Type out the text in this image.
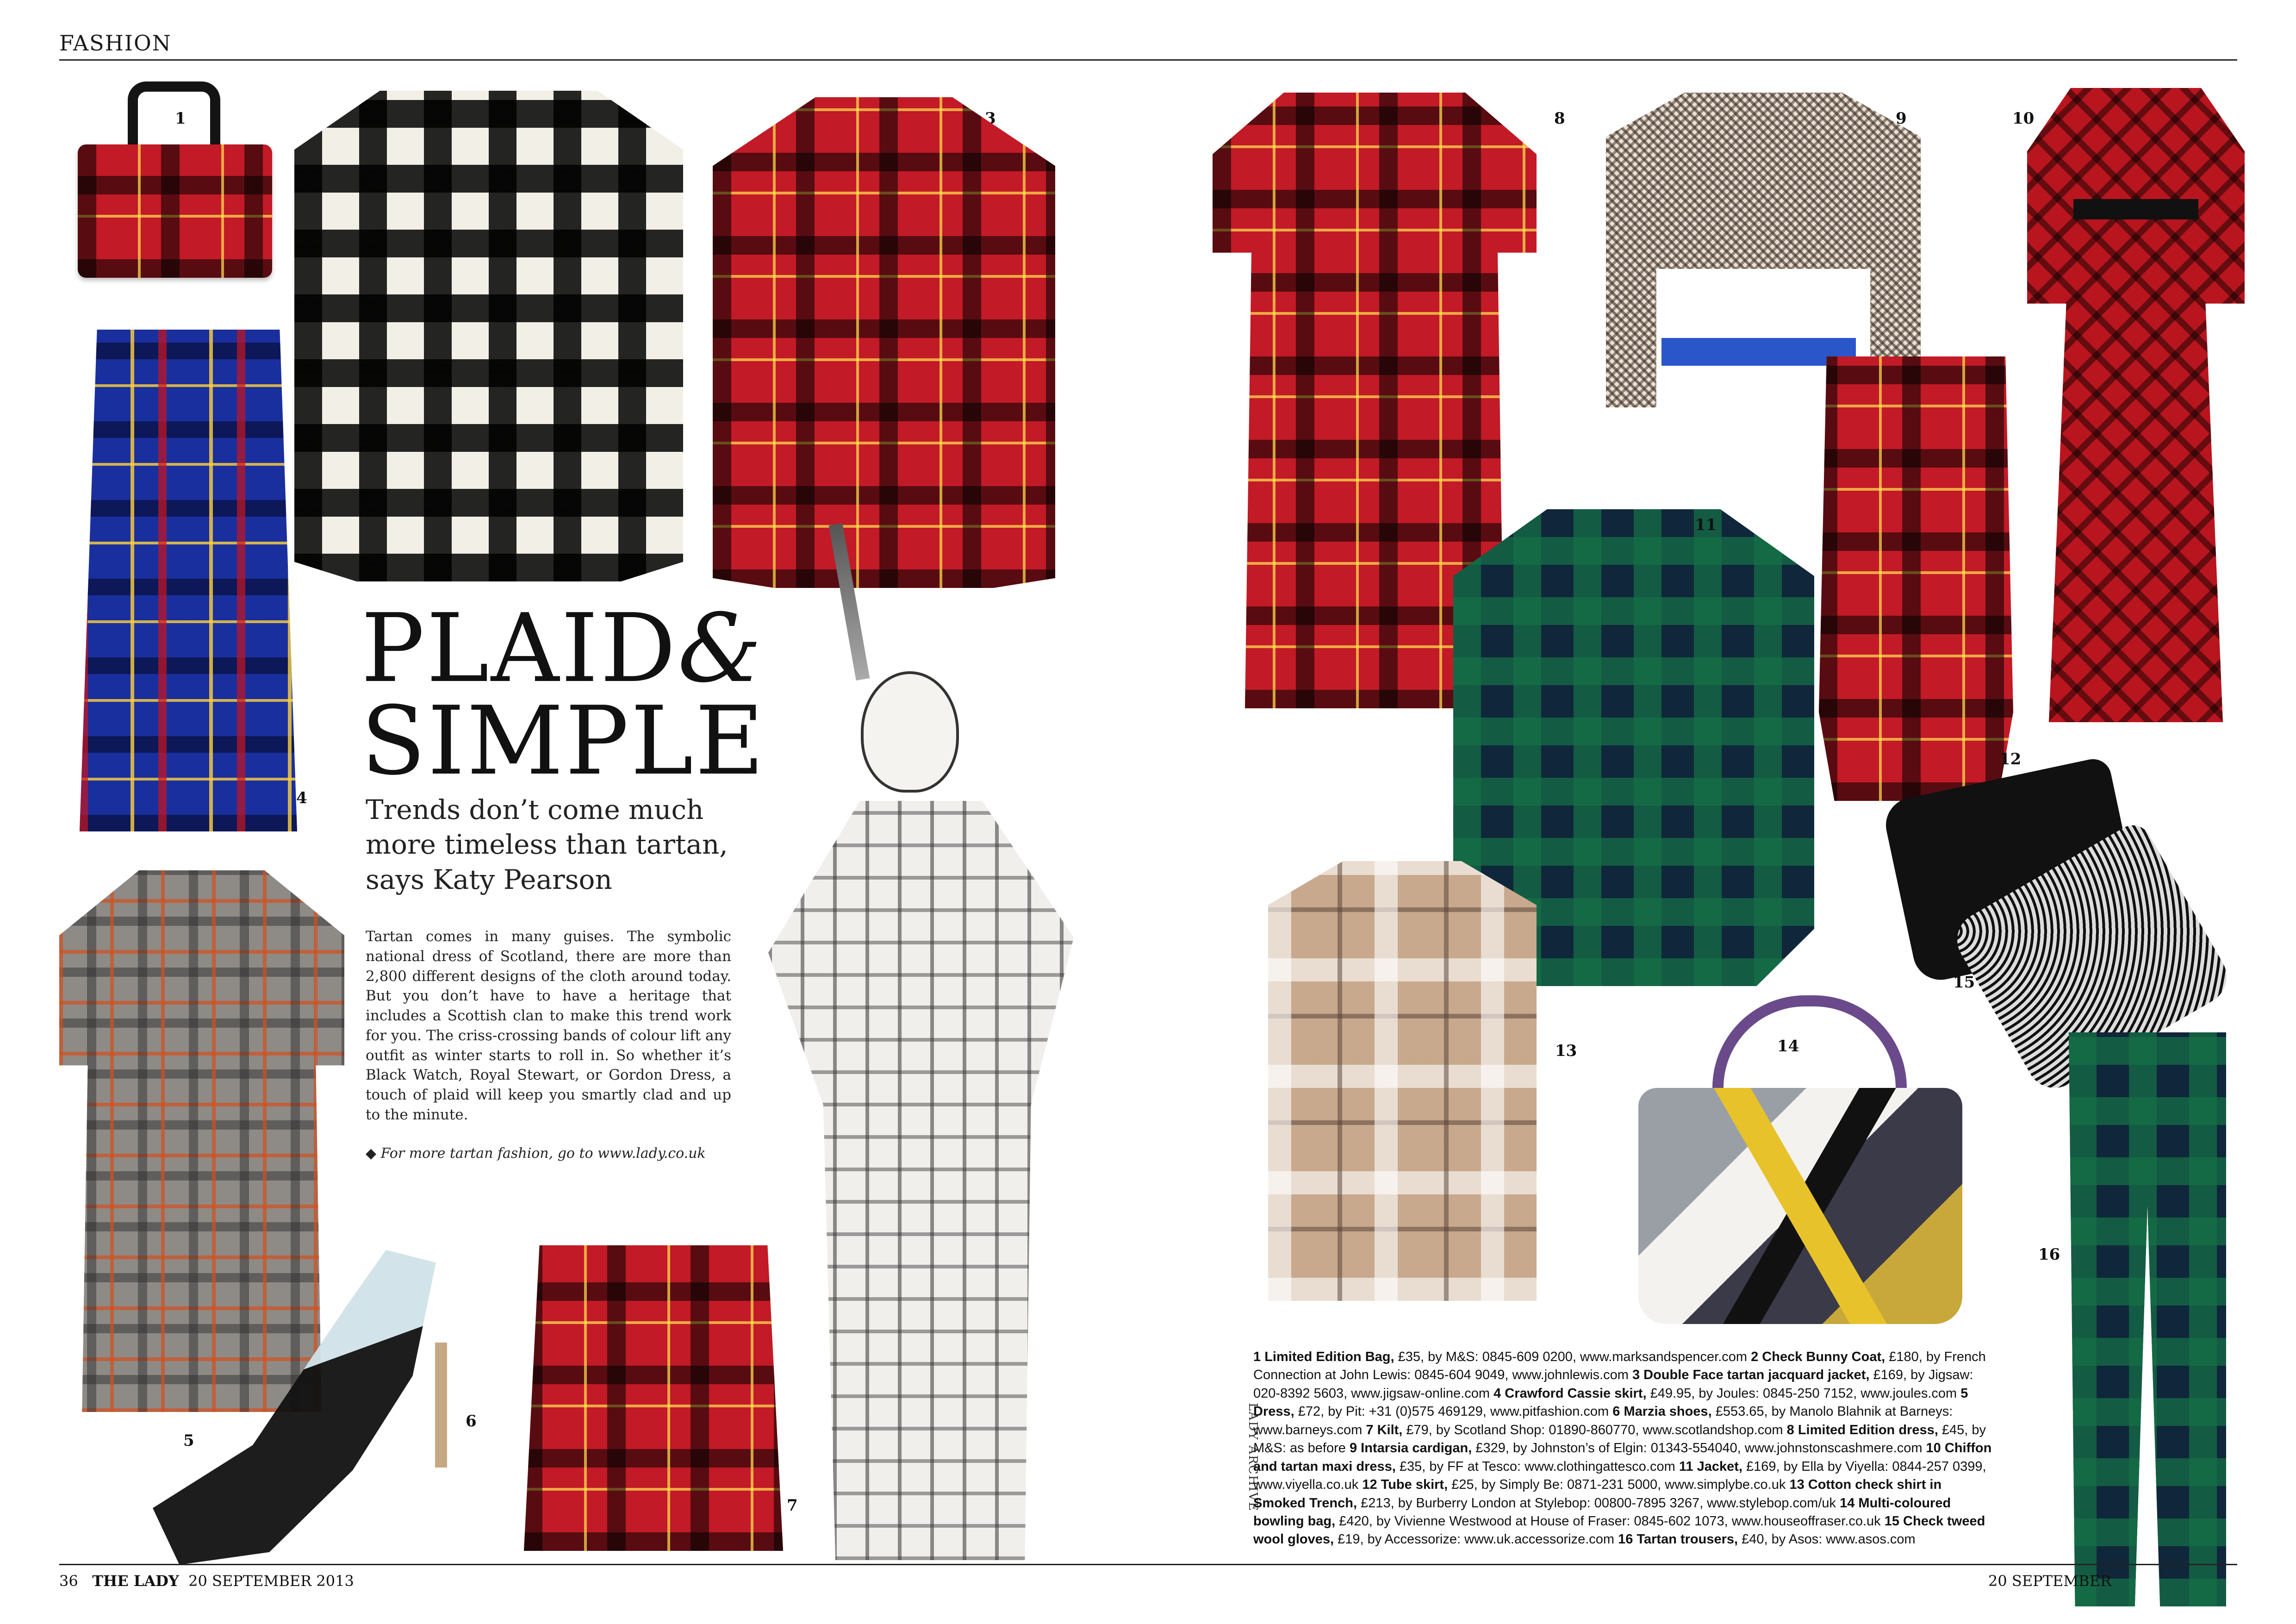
FASHION
1
4
3
5
6
PLAID&
SIMPLE
Trends don’t come much more timeless than tartan, says Katy Pearson
Tartan comes in many guises. The symbolic national dress of Scotland, there are more than 2,800 different designs of the cloth around today. But you don’t have to have a heritage that includes a Scottish clan to make this trend work for you. The criss-crossing bands of colour lift any outfit as winter starts to roll in. So whether it’s Black Watch, Royal Stewart, or Gordon Dress, a touch of plaid will keep you smartly clad and up to the minute.
◆ For more tartan fashion, go to www.lady.co.uk
7	LADY ARCHIVE
8	9	10
12
11
13	14
15
16
1 Limited Edition Bag, £35, by M&S: 0845-609 0200, www.marksandspencer.com 2 Check Bunny Coat, £180, by French Connection at John Lewis: 0845-604 9049, www.johnlewis.com 3 Double Face tartan jacquard jacket, £169, by Jigsaw: 020-8392 5603, www.jigsaw-online.com 4 Crawford Cassie skirt, £49.95, by Joules: 0845-250 7152, www.joules.com 5 Dress, £72, by Pit: +31 (0)575 469129, www.pitfashion.com 6 Marzia shoes, £553.65, by Manolo Blahnik at Barneys: www.barneys.com 7 Kilt, £79, by Scotland Shop: 01890-860770, www.scotlandshop.com 8 Limited Edition dress, £45, by M&S: as before 9 Intarsia cardigan, £329, by Johnston’s of Elgin: 01343-554040, www.johnstonscashmere.com 10 Chiffon and tartan maxi dress, £35, by FF at Tesco: www.clothingattesco.com 11 Jacket, £169, by Ella by Viyella: 0844-257 0399, www.viyella.co.uk 12 Tube skirt, £25, by Simply Be: 0871-231 5000, www.simplybe.co.uk 13 Cotton check shirt in Smoked Trench, £213, by Burberry London at Stylebop: 00800-7895 3267, www.stylebop.com/uk 14 Multi-coloured bowling bag, £420, by Vivienne Westwood at House of Fraser: 0845-602 1073, www.houseoffraser.co.uk 15 Check tweed wool gloves, £19, by Accessorize: www.uk.accessorize.com 16 Tartan trousers, £40, by Asos: www.asos.com
36 THE LADY 20 SEPTEMBER 2013	20 SEPTEMBER
